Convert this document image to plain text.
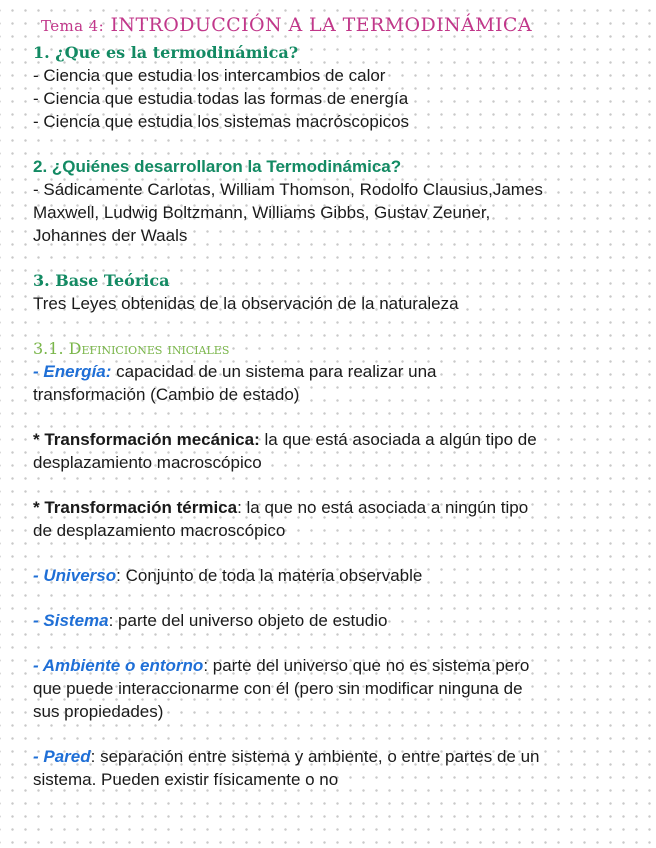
Tema 4: INTRODUCCIÓN A LA TERMODINÁMICA

1. ¿Que es la termodinámica?

- Ciencia que estudia los intercambios de calor

- Ciencia que estudia todas las formas de energía

- Ciencia que estudia los sistemas macróscopicos

2. ¿Quiénes desarrollaron la Termodinámica?

- Sádicamente Carlotas, William Thomson, Rodolfo Clausius,James

Maxwell, Ludwig Boltzmann, Williams Gibbs, Gustav Zeuner,

Johannes der Waals

3. Base Teórica

Tres Leyes obtenidas de la observación de la naturaleza

3.1. Definiciones iniciales

- Energía: capacidad de un sistema para realizar una
transformación (Cambio de estado)

* Transformación mecánica: la que está asociada a algún tipo de
desplazamiento macroscópico

* Transformación térmica: la que no está asociada a ningún tipo
de desplazamiento macroscópico

- Universo: Conjunto de toda la materia observable

- Sistema: parte del universo objeto de estudio

- Ambiente o entorno: parte del universo que no es sistema pero
que puede interaccionarme con él (pero sin modificar ninguna de
sus propiedades)

- Pared: separación entre sistema y ambiente, o entre partes de un
sistema. Pueden existir físicamente o no
